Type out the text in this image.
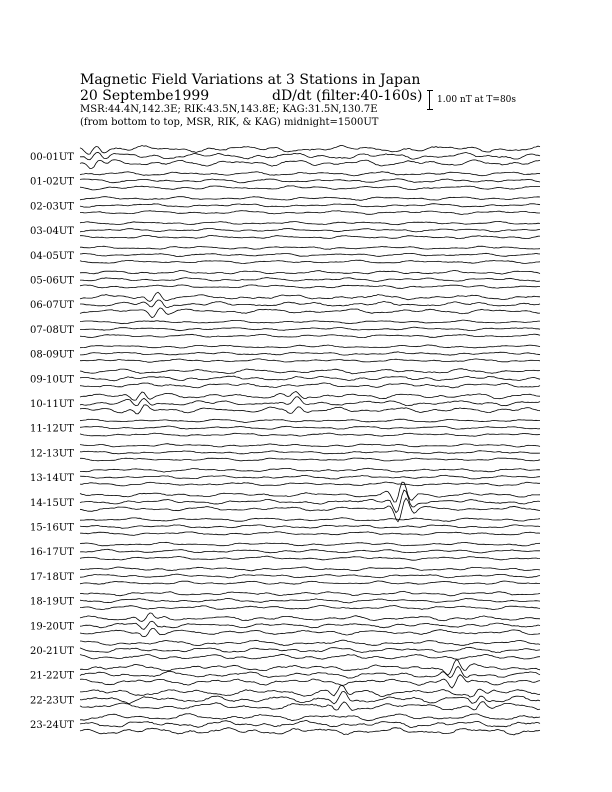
Magnetic Field Variations at 3 Stations in Japan
20 Septembe1999	dD/dt (filter:40-160s)
MSR:44.4N,142.3E; RIK:43.5N,143.8E; KAG:31.5N,130.7E
(from bottom to top, MSR, RIK, & KAG) midnight=1500UT
1.00 nT at T=80s
00-01UT
01-02UT
02-03UT
03-04UT
04-05UT
05-06UT
06-07UT
07-08UT
08-09UT
09-10UT
10-11UT
11-12UT
12-13UT
13-14UT
14-15UT
15-16UT
16-17UT
17-18UT
18-19UT
19-20UT
20-21UT
21-22UT
22-23UT
23-24UT
